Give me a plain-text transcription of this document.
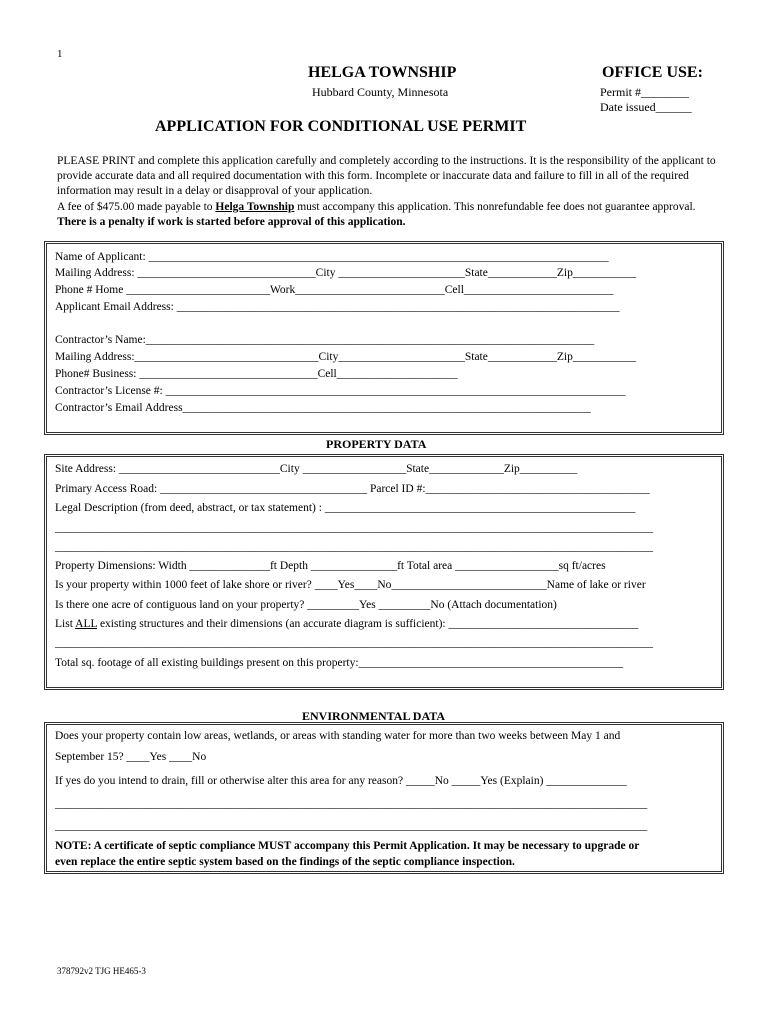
1
HELGA TOWNSHIP
Hubbard County, Minnesota
OFFICE USE:
Permit #________
Date issued______
APPLICATION FOR CONDITIONAL USE PERMIT

PLEASE PRINT and complete this application carefully and completely according to the instructions. It is the responsibility of the applicant to provide accurate data and all required documentation with this form. Incomplete or inaccurate data and failure to fill in all of the required information may result in a delay or disapproval of your application.

A fee of $475.00 made payable to Helga Township must accompany this application. This nonrefundable fee does not guarantee approval. There is a penalty if work is started before approval of this application.

Name of Applicant: ________________________________________________________________________________
Mailing Address: _______________________________City ______________________State____________Zip___________
Phone # Home _________________________Work__________________________Cell__________________________
Applicant Email Address: _____________________________________________________________________________
Contractor’s Name:______________________________________________________________________________
Mailing Address:________________________________City______________________State____________Zip___________
Phone# Business: _______________________________Cell_____________________
Contractor’s License #: ________________________________________________________________________________
Contractor’s Email Address_______________________________________________________________________
PROPERTY DATA
Site Address: ____________________________City __________________State_____________Zip__________
Primary Access Road: ____________________________________ Parcel ID #:_______________________________________
Legal Description (from deed, abstract, or tax statement) : ______________________________________________________
________________________________________________________________________________________________________
________________________________________________________________________________________________________
Property Dimensions: Width ______________ft Depth _______________ft Total area __________________sq ft/acres
Is your property within 1000 feet of lake shore or river? ____Yes____No___________________________Name of lake or river
Is there one acre of contiguous land on your property? _________Yes _________No (Attach documentation)
List ALL existing structures and their dimensions (an accurate diagram is sufficient): _________________________________
________________________________________________________________________________________________________
Total sq. footage of all existing buildings present on this property:______________________________________________
ENVIRONMENTAL DATA
Does your property contain low areas, wetlands, or areas with standing water for more than two weeks between May 1 and
September 15? ____Yes ____No
If yes do you intend to drain, fill or otherwise alter this area for any reason? _____No _____Yes (Explain) ______________
_______________________________________________________________________________________________________
_______________________________________________________________________________________________________
NOTE: A certificate of septic compliance MUST accompany this Permit Application. It may be necessary to upgrade or
even replace the entire septic system based on the findings of the septic compliance inspection.
378792v2 TJG HE465-3
